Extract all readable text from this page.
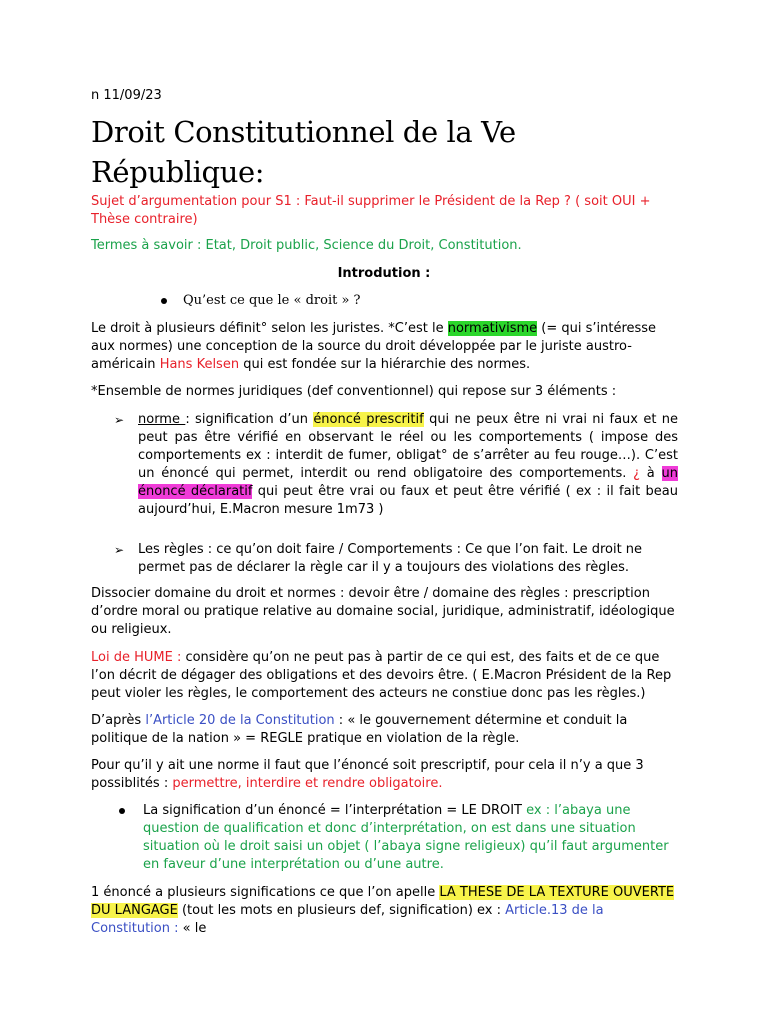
n 11/09/23
Droit Constitutionnel de la Ve République:
Sujet d’argumentation pour S1 : Faut-il supprimer le Président de la Rep ? ( soit OUI + Thèse contraire)
Termes à savoir : Etat, Droit public, Science du Droit, Constitution.
Introdution :
Qu’est ce que le « droit » ?
Le droit à plusieurs définit° selon les juristes. *C’est le normativisme (= qui s’intéresse aux normes) une conception de la source du droit développée par le juriste austro-américain Hans Kelsen qui est fondée sur la hiérarchie des normes.
*Ensemble de normes juridiques (def conventionnel) qui repose sur 3 éléments :
➢ norme : signification d’un énoncé prescritif qui ne peux être ni vrai ni faux et ne peut pas être vérifié en observant le réel ou les comportements ( impose des comportements ex : interdit de fumer, obligat° de s’arrêter au feu rouge…). C’est un énoncé qui permet, interdit ou rend obligatoire des comportements. ¿ à un énoncé déclaratif qui peut être vrai ou faux et peut être vérifié ( ex : il fait beau aujourd’hui, E.Macron mesure 1m73 )
➢ Les règles : ce qu’on doit faire / Comportements : Ce que l’on fait. Le droit ne permet pas de déclarer la règle car il y a toujours des violations des règles.
Dissocier domaine du droit et normes : devoir être / domaine des règles : prescription d’ordre moral ou pratique relative au domaine social, juridique, administratif, idéologique ou religieux.
Loi de HUME : considère qu’on ne peut pas à partir de ce qui est, des faits et de ce que l’on décrit de dégager des obligations et des devoirs être. ( E.Macron Président de la Rep peut violer les règles, le comportement des acteurs ne constiue donc pas les règles.)
D’après l’Article 20 de la Constitution : « le gouvernement détermine et conduit la politique de la nation » = REGLE pratique en violation de la règle.
Pour qu’il y ait une norme il faut que l’énoncé soit prescriptif, pour cela il n’y a que 3 possiblités : permettre, interdire et rendre obligatoire.
La signification d’un énoncé = l’interprétation = LE DROIT ex : l’abaya une question de qualification et donc d’interprétation, on est dans une situation situation où le droit saisi un objet ( l’abaya signe religieux) qu’il faut argumenter en faveur d’une interprétation ou d’une autre.
1 énoncé a plusieurs significations ce que l’on apelle LA THESE DE LA TEXTURE OUVERTE DU LANGAGE (tout les mots en plusieurs def, signification) ex : Article.13 de la Constitution : « le
